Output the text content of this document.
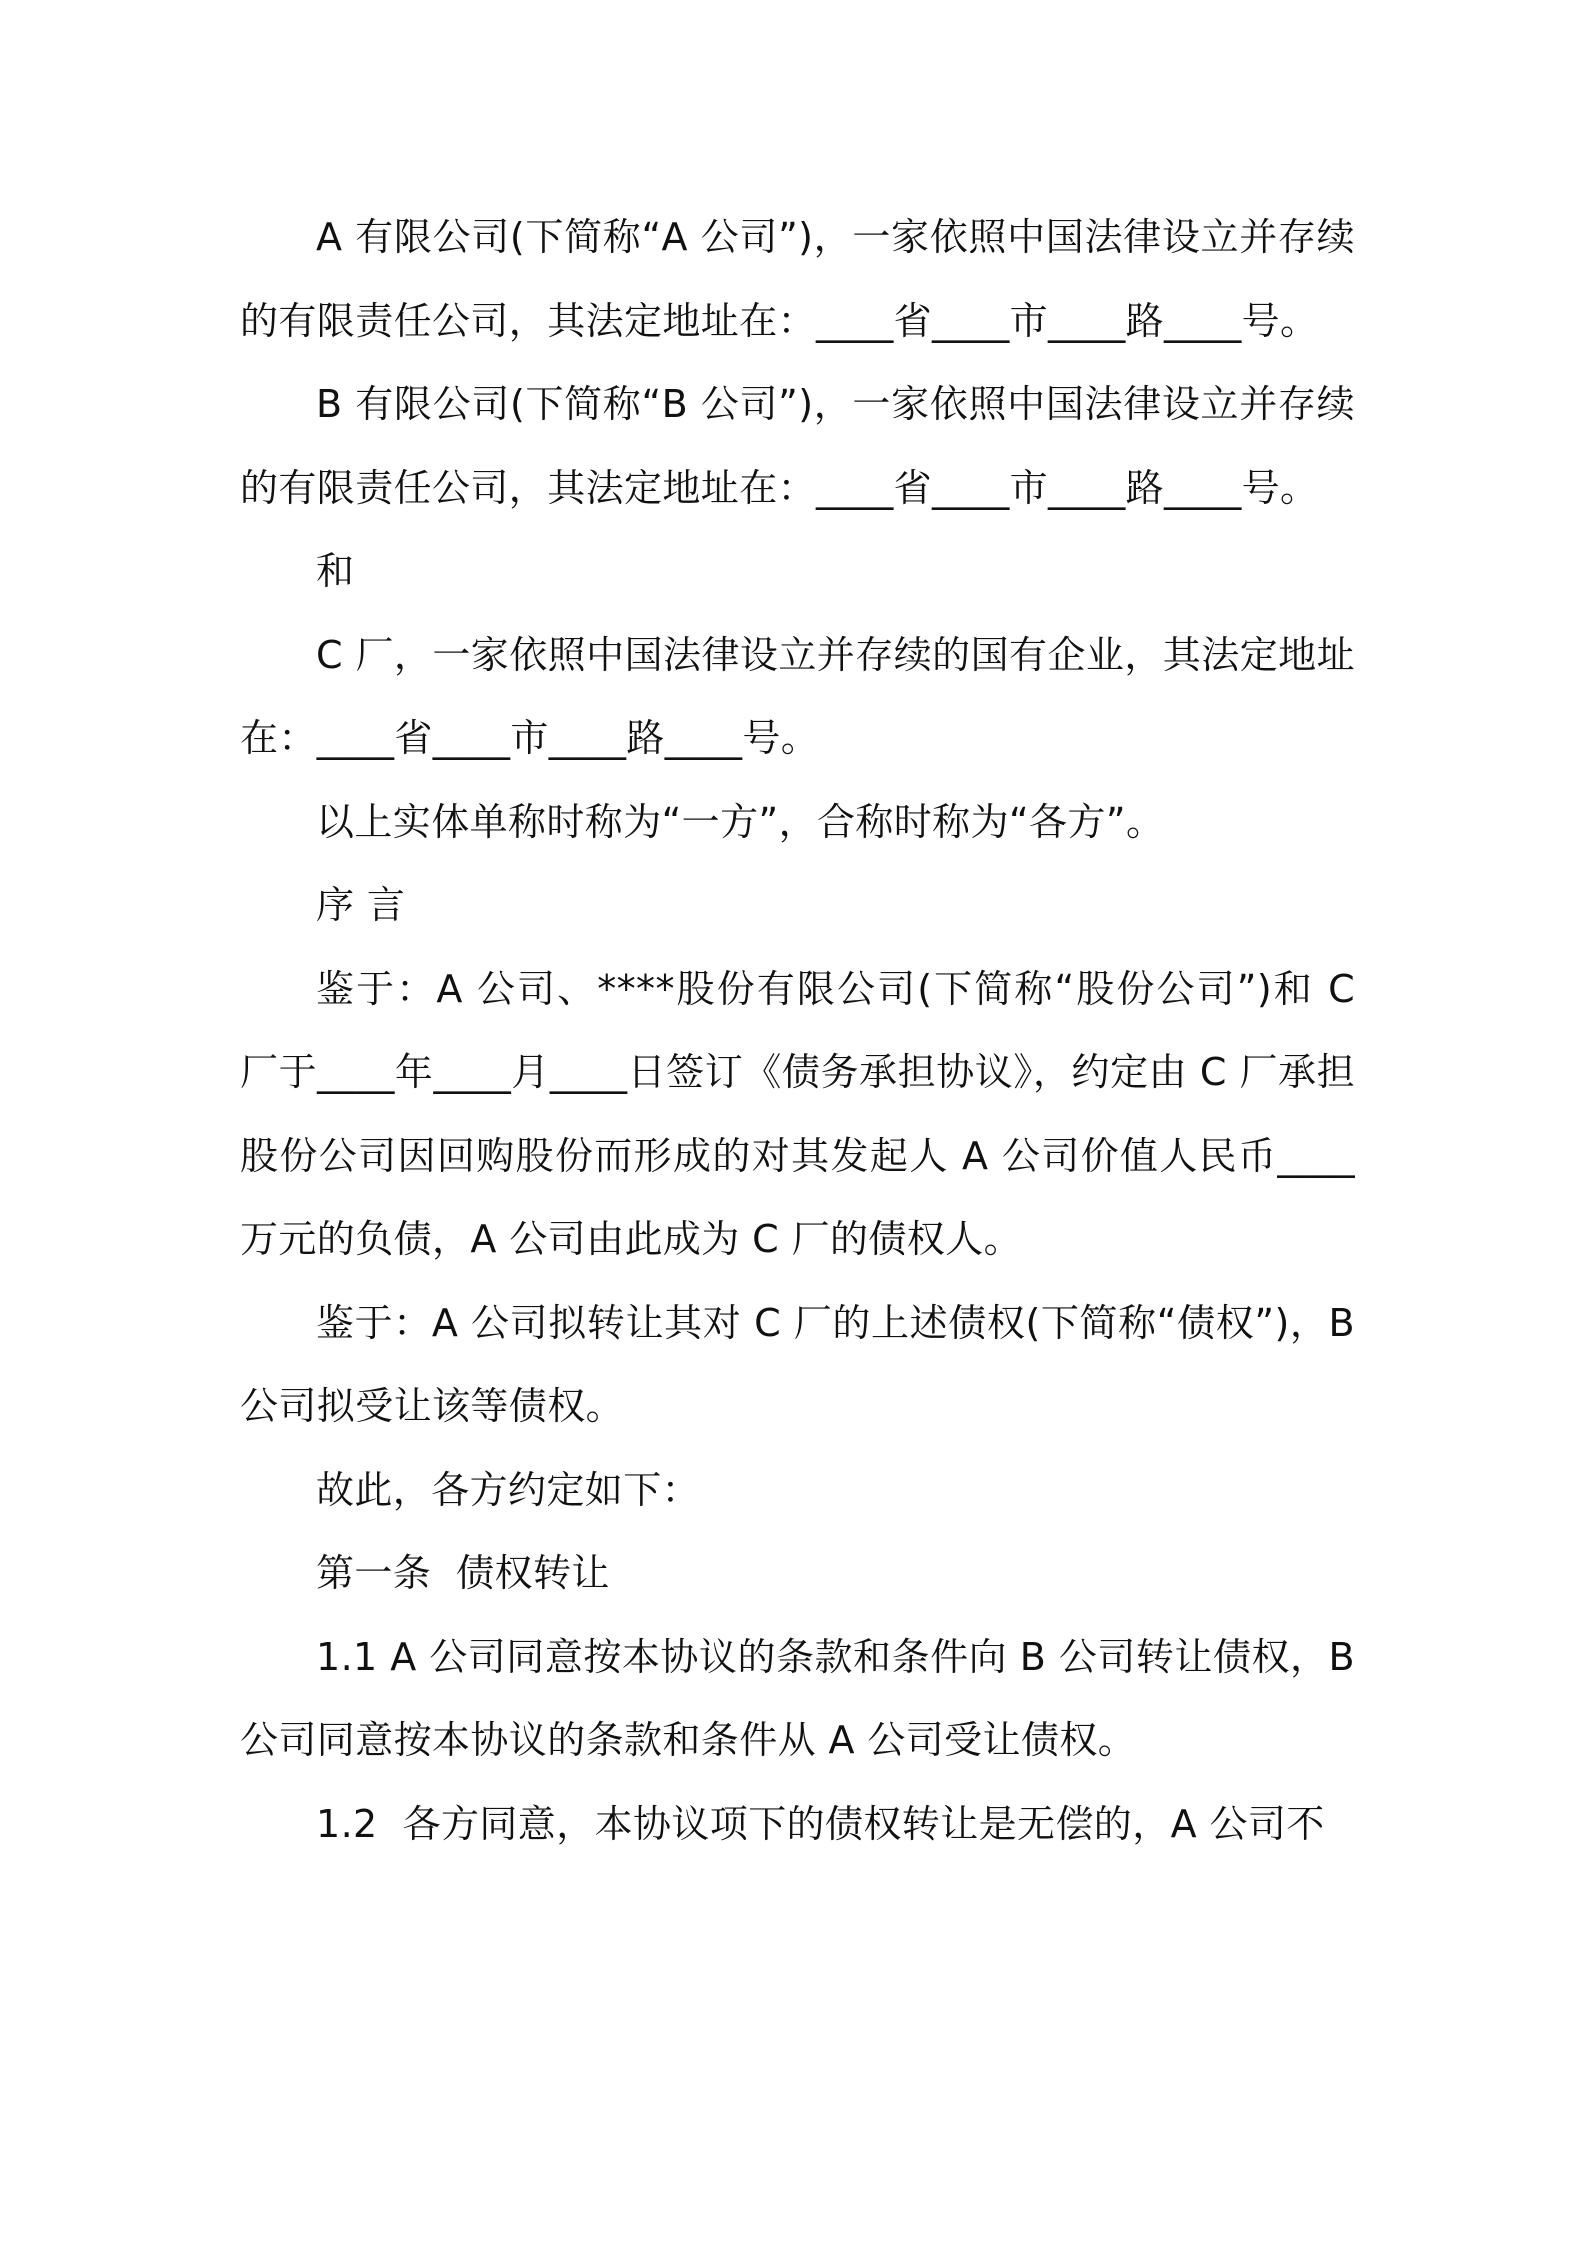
A 有限公司(下简称“A 公司”)，一家依照中国法律设立并存续的有限责任公司，其法定地址在：____省____市____路____号。

B 有限公司(下简称“B 公司”)，一家依照中国法律设立并存续的有限责任公司，其法定地址在：____省____市____路____号。

和

C 厂，一家依照中国法律设立并存续的国有企业，其法定地址在：____省____市____路____号。

以上实体单称时称为“一方”，合称时称为“各方”。

序 言

鉴于：A 公司、****股份有限公司(下简称“股份公司”)和 C 厂于____年____月____日签订《债务承担协议》，约定由 C 厂承担股份公司因回购股份而形成的对其发起人 A 公司价值人民币____万元的负债，A 公司由此成为 C 厂的债权人。

鉴于：A 公司拟转让其对 C 厂的上述债权(下简称“债权”)，B 公司拟受让该等债权。

故此，各方约定如下：

第一条  债权转让

1.1 A 公司同意按本协议的条款和条件向 B 公司转让债权，B 公司同意按本协议的条款和条件从 A 公司受让债权。

1.2  各方同意，本协议项下的债权转让是无偿的，A 公司不
